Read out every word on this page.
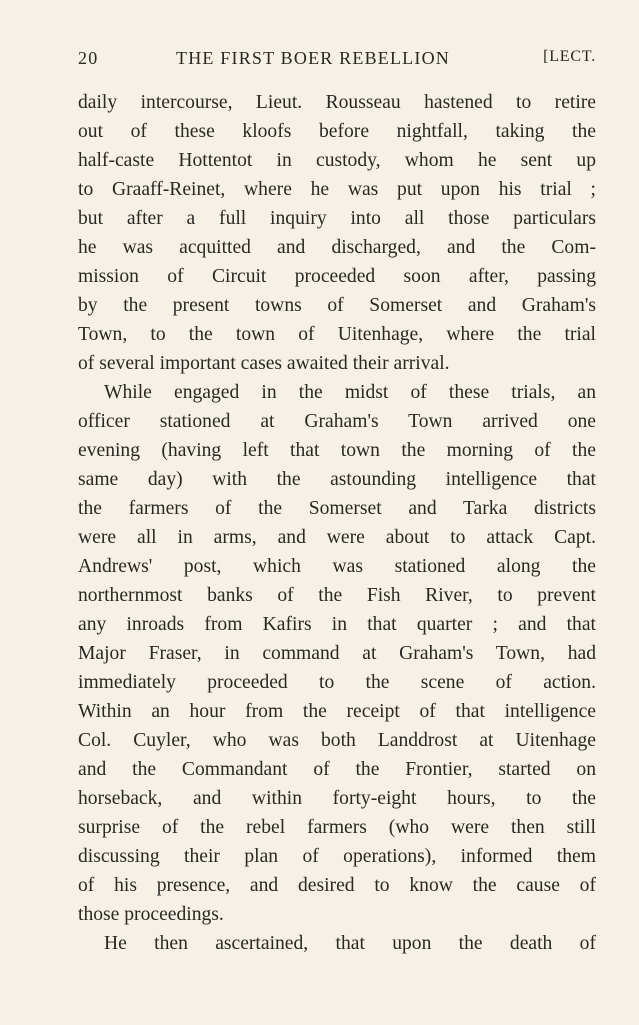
20	THE FIRST BOER REBELLION	[LECT.
daily intercourse, Lieut. Rousseau hastened to retire
out of these kloofs before nightfall, taking the
half-caste Hottentot in custody, whom he sent up
to Graaff-Reinet, where he was put upon his trial ;
but after a full inquiry into all those particulars
he was acquitted and discharged, and the Com-
mission of Circuit proceeded soon after, passing
by the present towns of Somerset and Graham's
Town, to the town of Uitenhage, where the trial
of several important cases awaited their arrival.
While engaged in the midst of these trials, an
officer stationed at Graham's Town arrived one
evening (having left that town the morning of the
same day) with the astounding intelligence that
the farmers of the Somerset and Tarka districts
were all in arms, and were about to attack Capt.
Andrews' post, which was stationed along the
northernmost banks of the Fish River, to prevent
any inroads from Kafirs in that quarter ; and that
Major Fraser, in command at Graham's Town, had
immediately proceeded to the scene of action.
Within an hour from the receipt of that intelligence
Col. Cuyler, who was both Landdrost at Uitenhage
and the Commandant of the Frontier, started on
horseback, and within forty-eight hours, to the
surprise of the rebel farmers (who were then still
discussing their plan of operations), informed them
of his presence, and desired to know the cause of
those proceedings.
He then ascertained, that upon the death of
